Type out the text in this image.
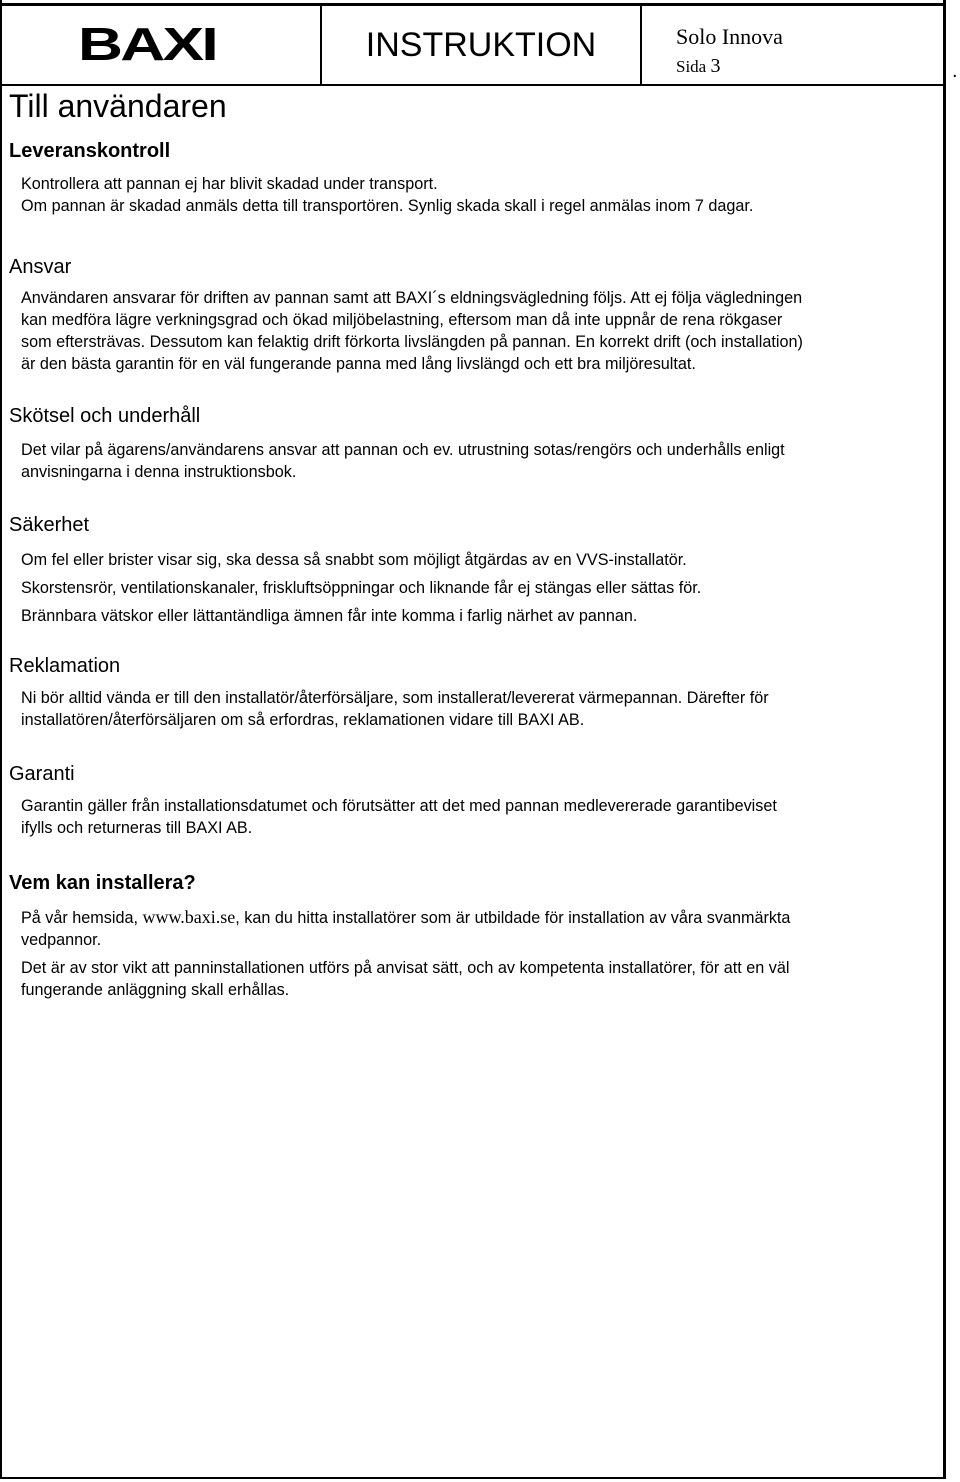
BAXI	INSTRUKTION	Solo Innova
Sida 3	.
Till användaren
Leveranskontroll
Kontrollera att pannan ej har blivit skadad under transport.
Om pannan är skadad anmäls detta till transportören. Synlig skada skall i regel anmälas inom 7 dagar.
Ansvar
Användaren ansvarar för driften av pannan samt att BAXI´s eldningsvägledning följs. Att ej följa vägledningen
kan medföra lägre verkningsgrad och ökad miljöbelastning, eftersom man då inte uppnår de rena rökgaser
som eftersträvas. Dessutom kan felaktig drift förkorta livslängden på pannan. En korrekt drift (och installation)
är den bästa garantin för en väl fungerande panna med lång livslängd och ett bra miljöresultat.
Skötsel och underhåll
Det vilar på ägarens/användarens ansvar att pannan och ev. utrustning sotas/rengörs och underhålls enligt
anvisningarna i denna instruktionsbok.
Säkerhet
Om fel eller brister visar sig, ska dessa så snabbt som möjligt åtgärdas av en VVS-installatör.
Skorstensrör, ventilationskanaler, friskluftsöppningar och liknande får ej stängas eller sättas för.
Brännbara vätskor eller lättantändliga ämnen får inte komma i farlig närhet av pannan.
Reklamation
Ni bör alltid vända er till den installatör/återförsäljare, som installerat/levererat värmepannan. Därefter för
installatören/återförsäljaren om så erfordras, reklamationen vidare till BAXI AB.
Garanti
Garantin gäller från installationsdatumet och förutsätter att det med pannan medlevererade garantibeviset
ifylls och returneras till BAXI AB.
Vem kan installera?
På vår hemsida, www.baxi.se, kan du hitta installatörer som är utbildade för installation av våra svanmärkta
vedpannor.
Det är av stor vikt att panninstallationen utförs på anvisat sätt, och av kompetenta installatörer, för att en väl
fungerande anläggning skall erhållas.
